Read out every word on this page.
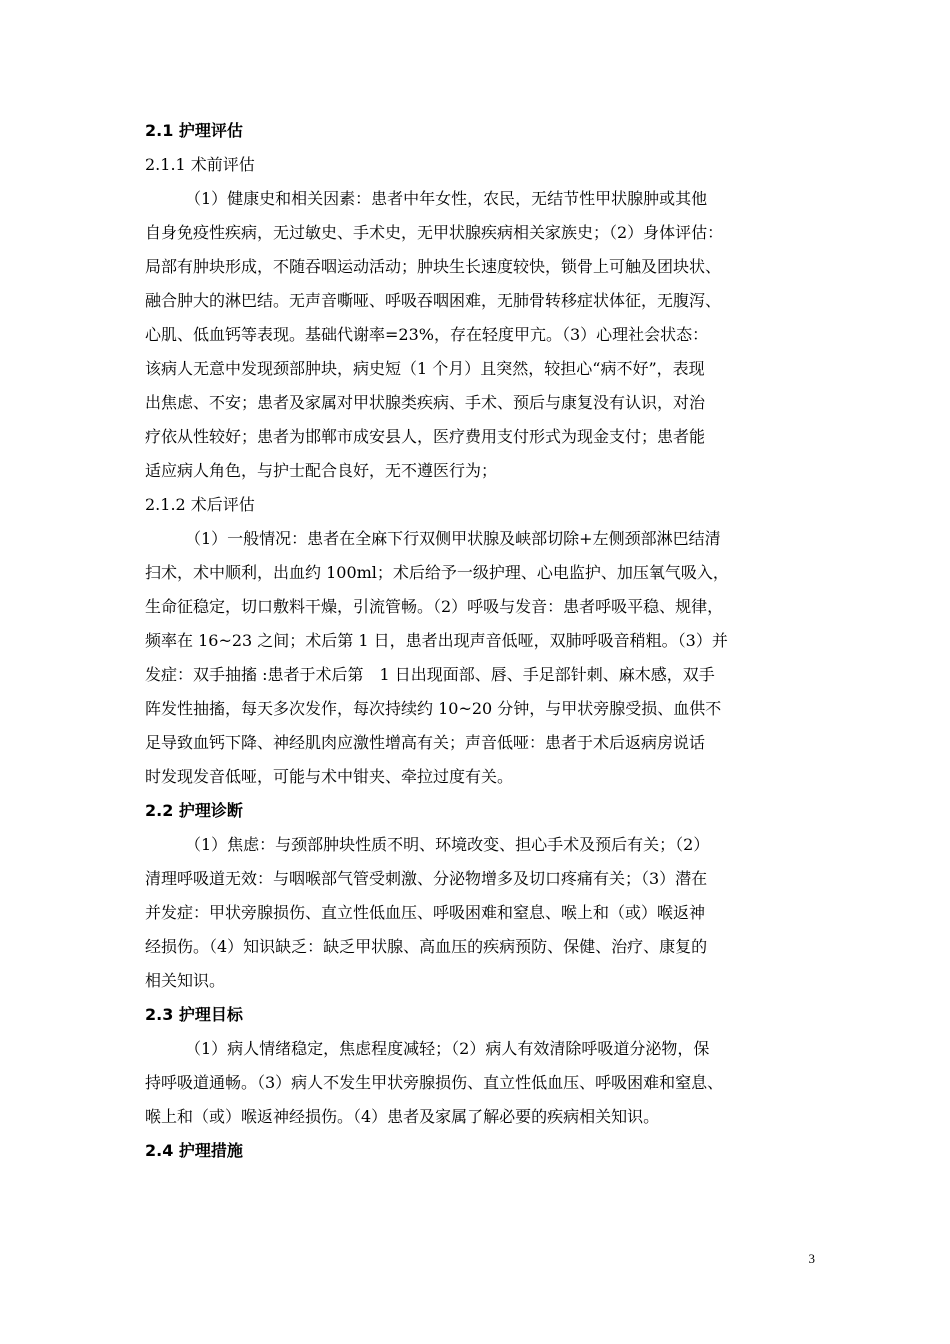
2.1 护理评估
2.1.1 术前评估
（1）健康史和相关因素：患者中年女性，农民，无结节性甲状腺肿或其他
自身免疫性疾病，无过敏史、手术史，无甲状腺疾病相关家族史；（2）身体评估：
局部有肿块形成，不随吞咽运动活动；肿块生长速度较快，锁骨上可触及团块状、
融合肿大的淋巴结。无声音嘶哑、呼吸吞咽困难，无肺骨转移症状体征，无腹泻、
心肌、低血钙等表现。基础代谢率=23%，存在轻度甲亢。（3）心理社会状态：
该病人无意中发现颈部肿块，病史短（1 个月）且突然，较担心“病不好”，表现
出焦虑、不安；患者及家属对甲状腺类疾病、手术、预后与康复没有认识，对治
疗依从性较好；患者为邯郸市成安县人，医疗费用支付形式为现金支付；患者能
适应病人角色，与护士配合良好，无不遵医行为；
2.1.2 术后评估
（1）一般情况：患者在全麻下行双侧甲状腺及峡部切除+左侧颈部淋巴结清
扫术，术中顺利，出血约 100ml；术后给予一级护理、心电监护、加压氧气吸入，
生命征稳定，切口敷料干燥，引流管畅。（2）呼吸与发音：患者呼吸平稳、规律，
频率在 16~23 之间；术后第 1 日，患者出现声音低哑，双肺呼吸音稍粗。（3）并
发症：双手抽搐 :患者于术后第　1 日出现面部、唇、手足部针刺、麻木感，双手
阵发性抽搐，每天多次发作，每次持续约 10~20 分钟，与甲状旁腺受损、血供不
足导致血钙下降、神经肌肉应激性增高有关；声音低哑：患者于术后返病房说话
时发现发音低哑，可能与术中钳夹、牵拉过度有关。
2.2 护理诊断
（1）焦虑：与颈部肿块性质不明、环境改变、担心手术及预后有关；（2）
清理呼吸道无效：与咽喉部气管受刺激、分泌物增多及切口疼痛有关；（3）潜在
并发症：甲状旁腺损伤、直立性低血压、呼吸困难和窒息、喉上和（或）喉返神
经损伤。（4）知识缺乏：缺乏甲状腺、高血压的疾病预防、保健、治疗、康复的
相关知识。
2.3 护理目标
（1）病人情绪稳定，焦虑程度减轻；（2）病人有效清除呼吸道分泌物，保
持呼吸道通畅。（3）病人不发生甲状旁腺损伤、直立性低血压、呼吸困难和窒息、
喉上和（或）喉返神经损伤。（4）患者及家属了解必要的疾病相关知识。
2.4 护理措施
3
